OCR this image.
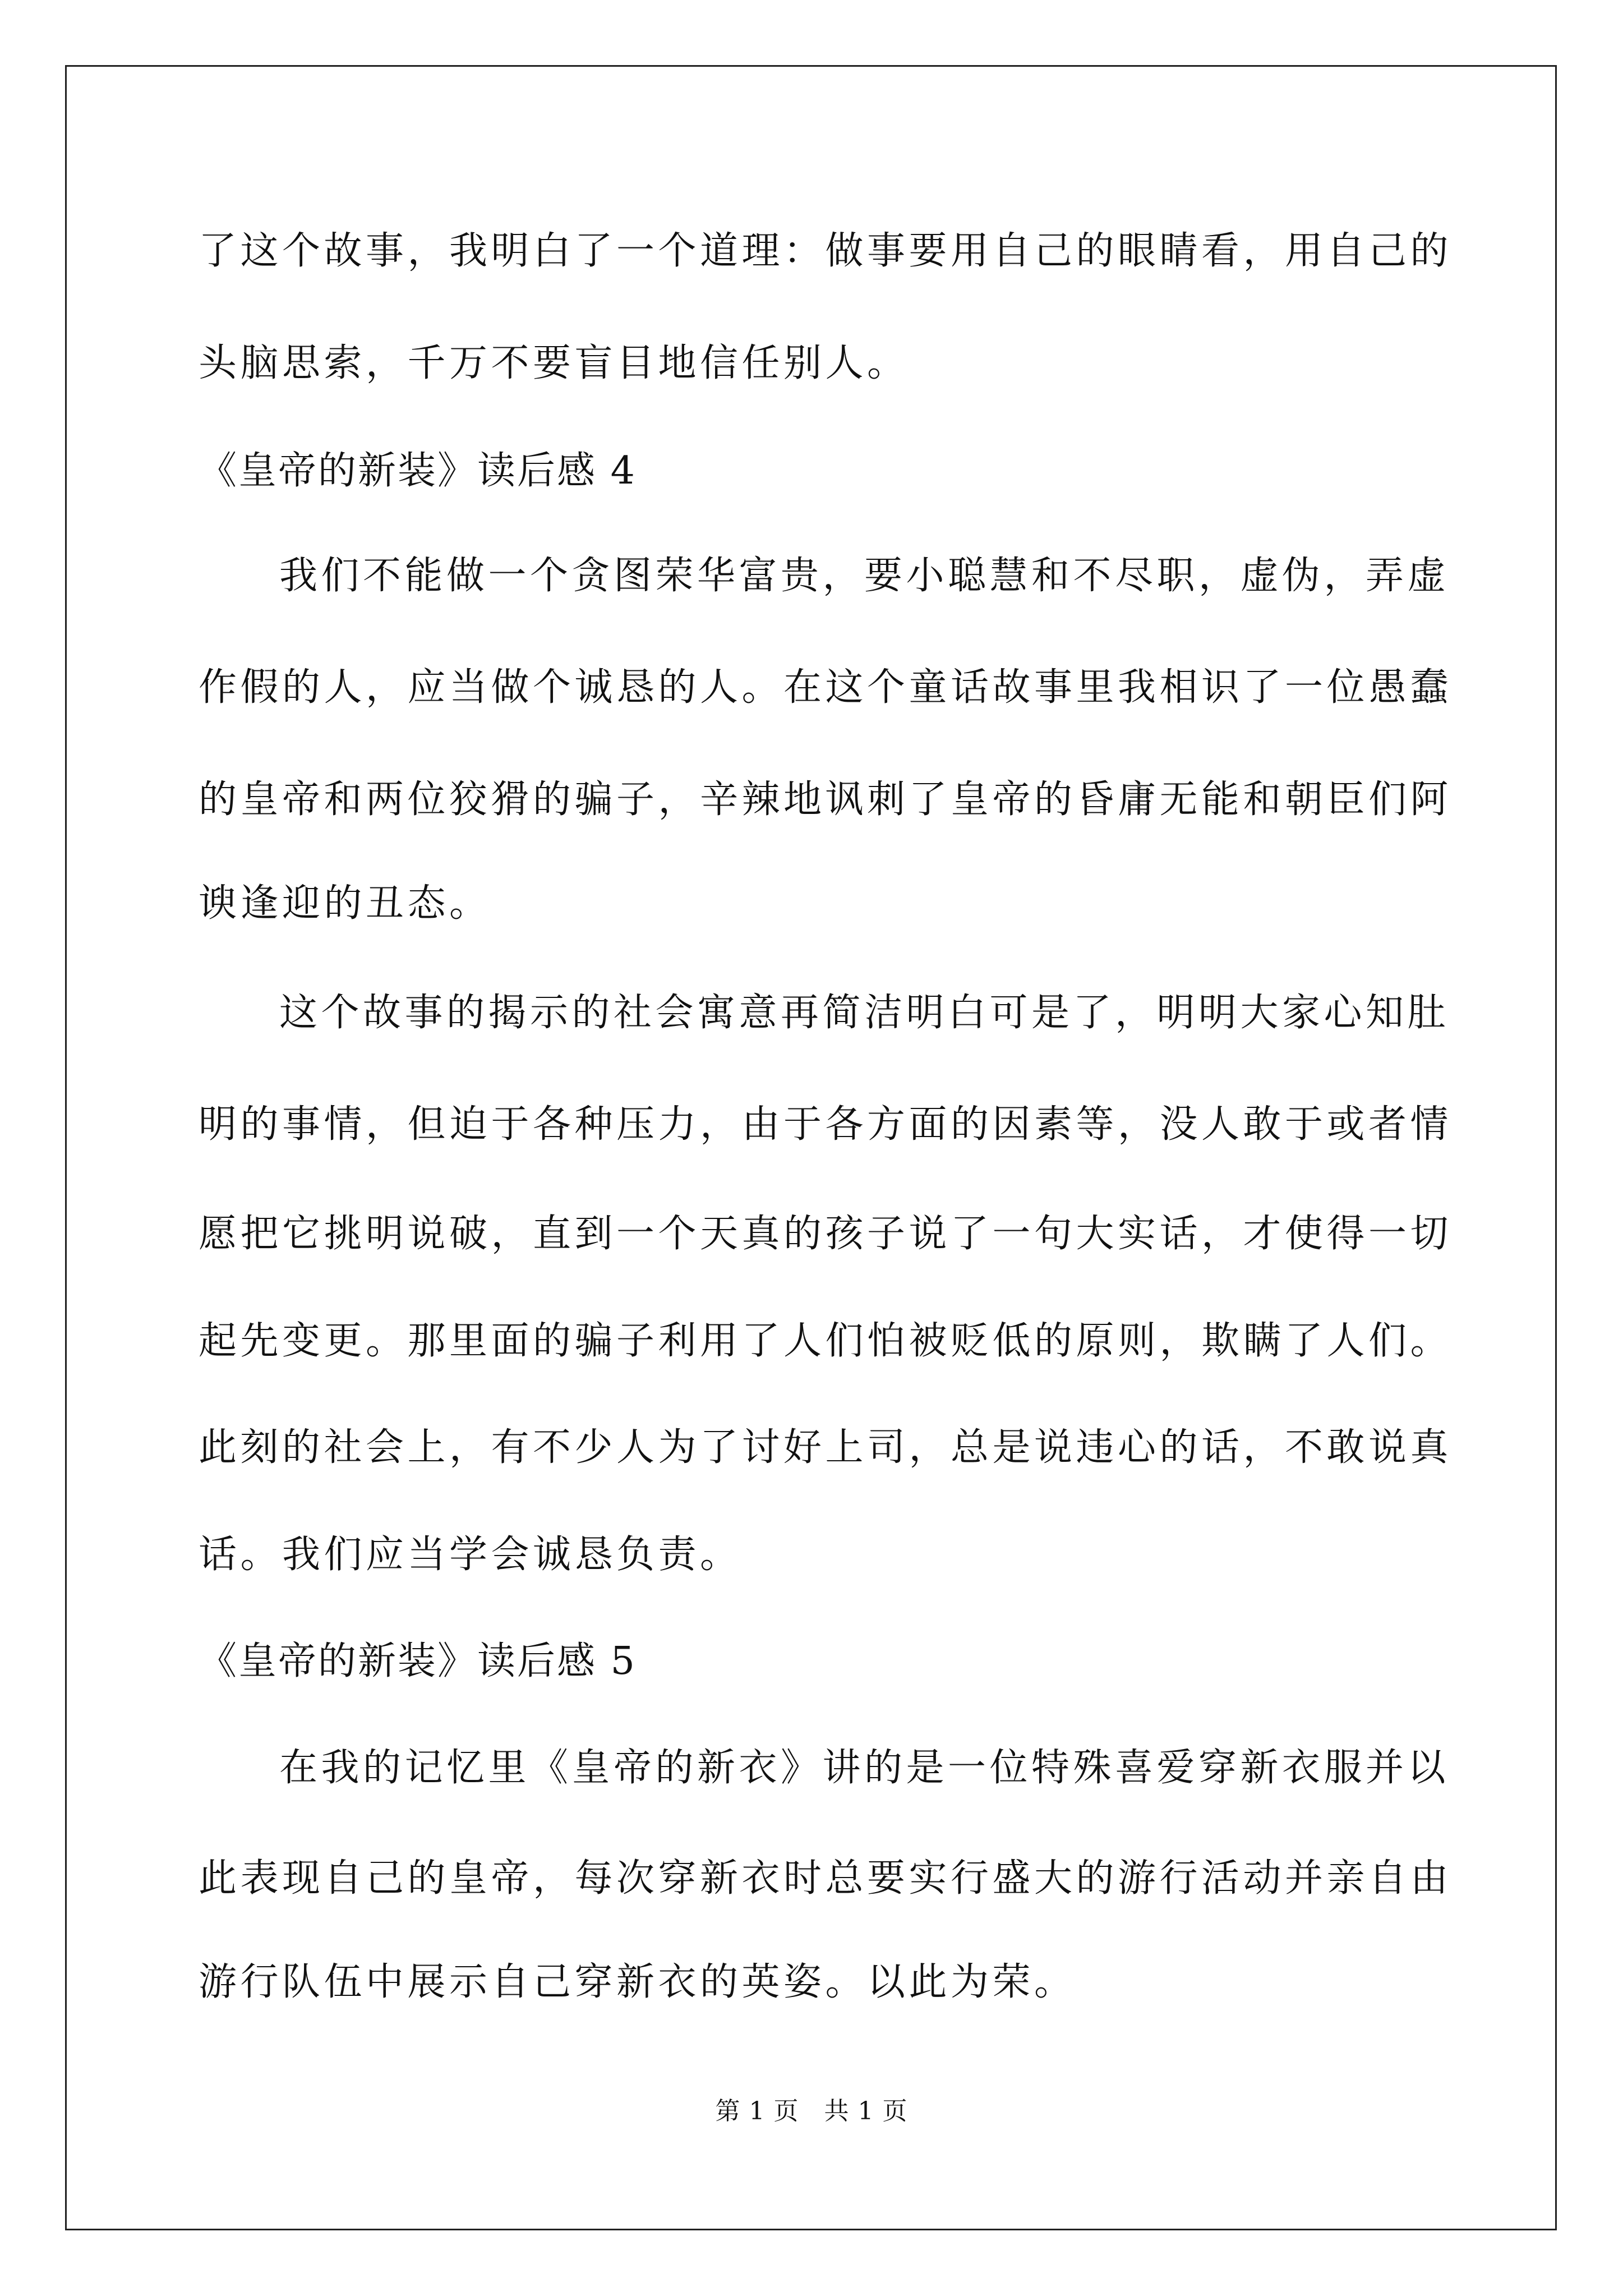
了这个故事，我明白了一个道理：做事要用自己的眼睛看，用自己的
头脑思索，千万不要盲目地信任别人。
《皇帝的新装》读后感 4
我们不能做一个贪图荣华富贵，要小聪慧和不尽职，虚伪，弄虚
作假的人，应当做个诚恳的人。在这个童话故事里我相识了一位愚蠢
的皇帝和两位狡猾的骗子，辛辣地讽刺了皇帝的昏庸无能和朝臣们阿
谀逢迎的丑态。
这个故事的揭示的社会寓意再简洁明白可是了，明明大家心知肚
明的事情，但迫于各种压力，由于各方面的因素等，没人敢于或者情
愿把它挑明说破，直到一个天真的孩子说了一句大实话，才使得一切
起先变更。那里面的骗子利用了人们怕被贬低的原则，欺瞒了人们。
此刻的社会上，有不少人为了讨好上司，总是说违心的话，不敢说真
话。我们应当学会诚恳负责。
《皇帝的新装》读后感 5
在我的记忆里《皇帝的新衣》讲的是一位特殊喜爱穿新衣服并以
此表现自己的皇帝，每次穿新衣时总要实行盛大的游行活动并亲自由
游行队伍中展示自己穿新衣的英姿。以此为荣。
第 1 页　共 1 页
